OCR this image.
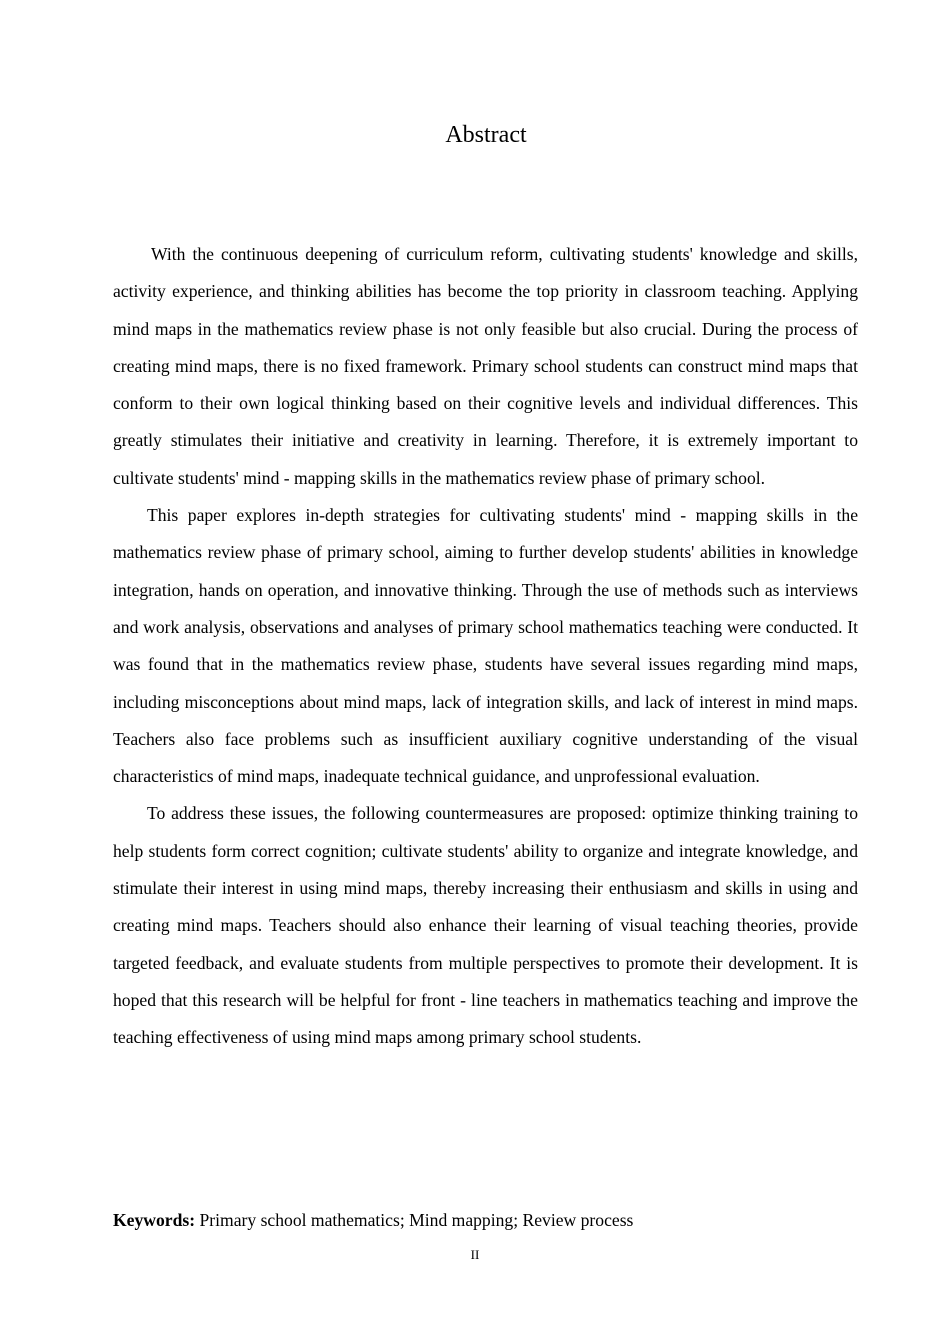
Abstract

With the continuous deepening of curriculum reform, cultivating students' knowledge and skills, activity experience, and thinking abilities has become the top priority in classroom teaching. Applying mind maps in the mathematics review phase is not only feasible but also crucial. During the process of creating mind maps, there is no fixed framework. Primary school students can construct mind maps that conform to their own logical thinking based on their cognitive levels and individual differences. This greatly stimulates their initiative and creativity in learning. Therefore, it is extremely important to cultivate students' mind - mapping skills in the mathematics review phase of primary school.

This paper explores in-depth strategies for cultivating students' mind - mapping skills in the mathematics review phase of primary school, aiming to further develop students' abilities in knowledge integration, hands on operation, and innovative thinking. Through the use of methods such as interviews and work analysis, observations and analyses of primary school mathematics teaching were conducted. It was found that in the mathematics review phase, students have several issues regarding mind maps, including misconceptions about mind maps, lack of integration skills, and lack of interest in mind maps. Teachers also face problems such as insufficient auxiliary cognitive understanding of the visual characteristics of mind maps, inadequate technical guidance, and unprofessional evaluation.

To address these issues, the following countermeasures are proposed: optimize thinking training to help students form correct cognition; cultivate students' ability to organize and integrate knowledge, and stimulate their interest in using mind maps, thereby increasing their enthusiasm and skills in using and creating mind maps. Teachers should also enhance their learning of visual teaching theories, provide targeted feedback, and evaluate students from multiple perspectives to promote their development. It is hoped that this research will be helpful for front - line teachers in mathematics teaching and improve the teaching effectiveness of using mind maps among primary school students.

Keywords: Primary school mathematics; Mind mapping; Review process
II
